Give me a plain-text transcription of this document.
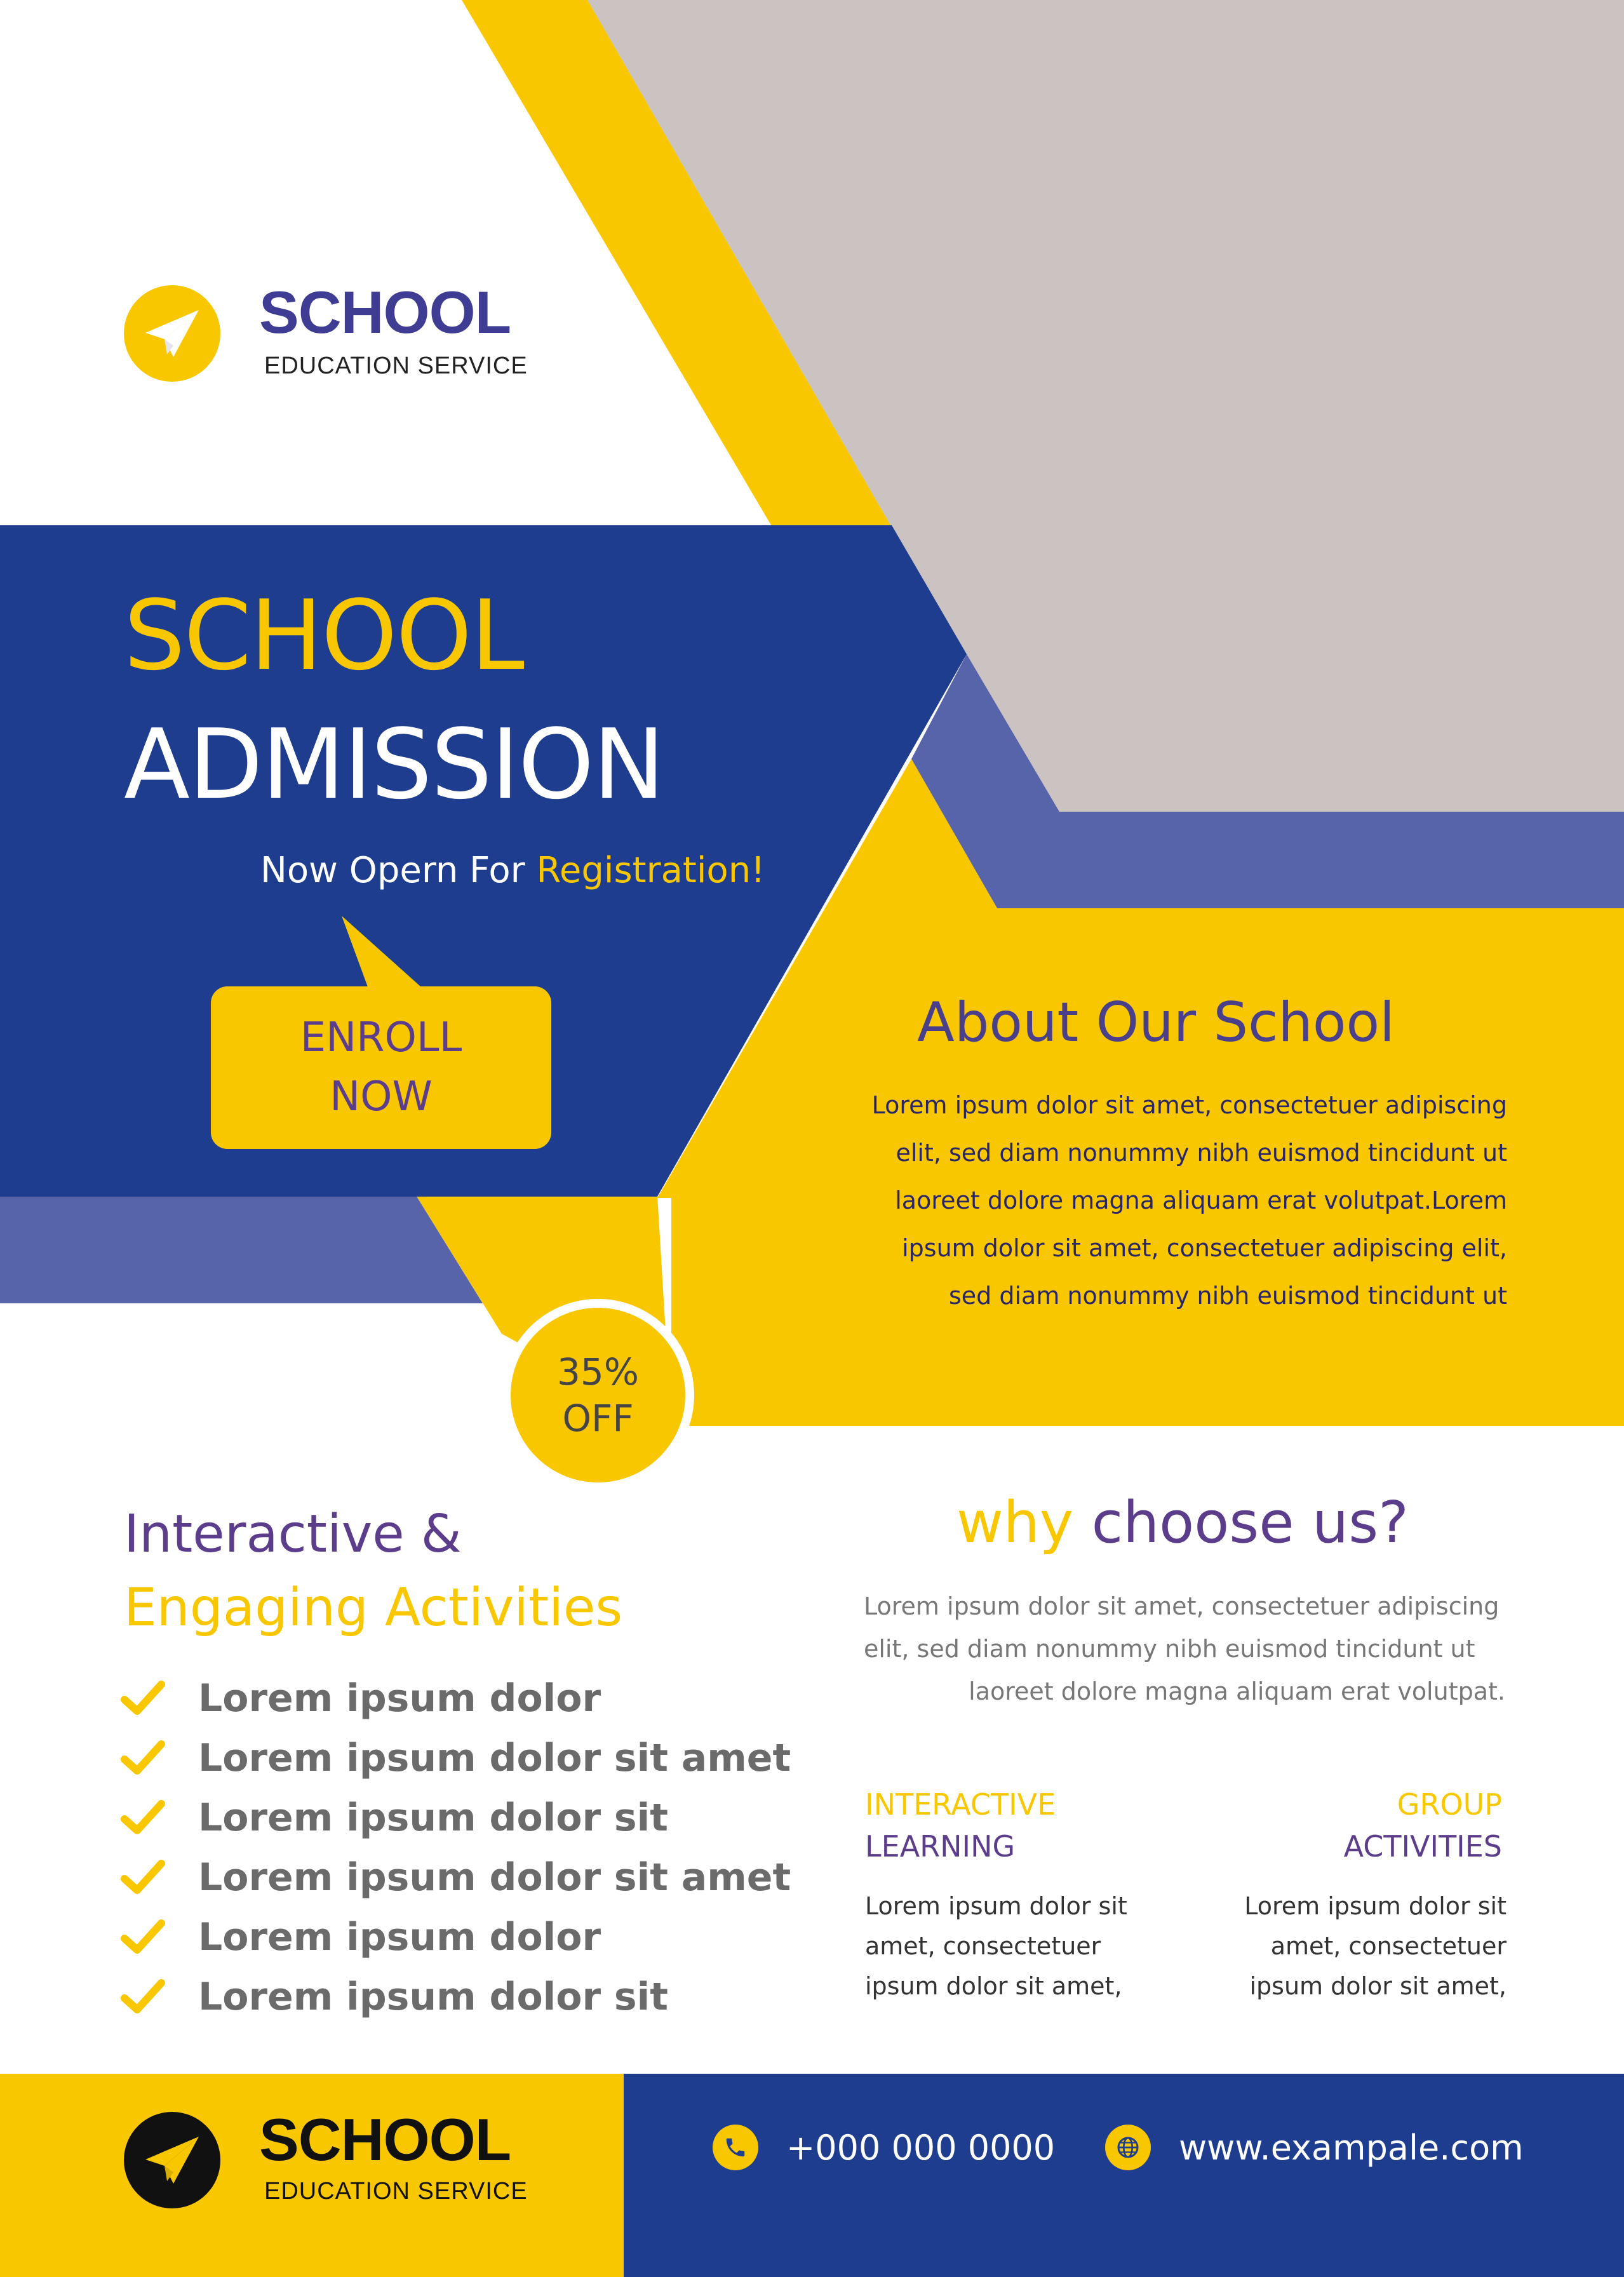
SCHOOL
EDUCATION SERVICE
SCHOOL
ADMISSION
Now Opern For Registration!
ENROLL
NOW
About Our School
Lorem ipsum dolor sit amet, consectetuer adipiscing
elit, sed diam nonummy nibh euismod tincidunt ut
laoreet dolore magna aliquam erat volutpat.Lorem
ipsum dolor sit amet, consectetuer adipiscing elit,
sed diam nonummy nibh euismod tincidunt ut
35%
OFF
Interactive &
Engaging Activities
Lorem ipsum dolor
Lorem ipsum dolor sit amet
Lorem ipsum dolor sit
Lorem ipsum dolor sit amet
Lorem ipsum dolor
Lorem ipsum dolor sit
why choose us?
Lorem ipsum dolor sit amet, consectetuer adipiscing
elit, sed diam nonummy nibh euismod tincidunt ut
laoreet dolore magna aliquam erat volutpat.
INTERACTIVE
LEARNING
Lorem ipsum dolor sit
amet, consectetuer
ipsum dolor sit amet,
GROUP
ACTIVITIES
Lorem ipsum dolor sit
amet, consectetuer
ipsum dolor sit amet,
SCHOOL
EDUCATION SERVICE
+000 000 0000	www.exampale.com
